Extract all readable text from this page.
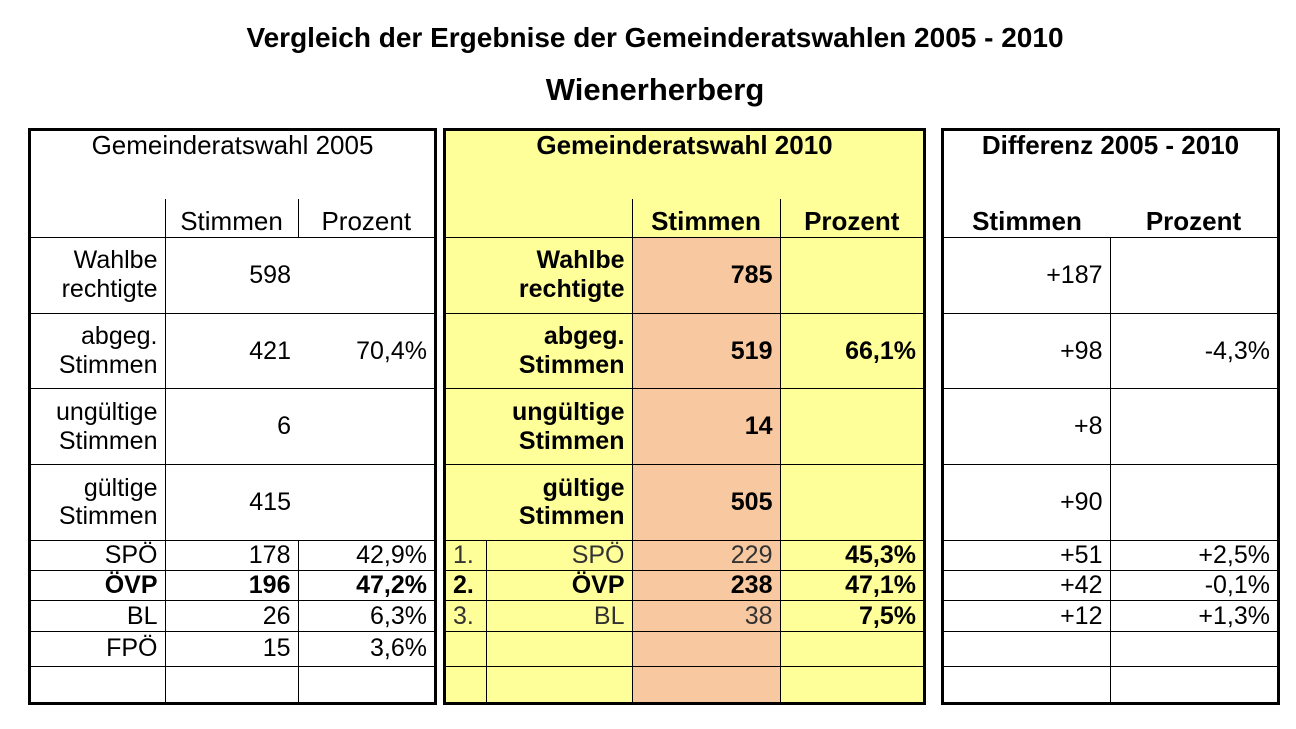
Vergleich der Ergebnise der Gemeinderatswahlen 2005 - 2010
Wienerherberg
Gemeinderatswahl 2005		
	Stimmen	Prozent
Wahlbe
rechtigte	598	
abgeg.
Stimmen	421	70,4%
ungültige
Stimmen	6	
gültige
Stimmen	415	
SPÖ	178	42,9%
ÖVP	196	47,2%
BL	26	6,3%
FPÖ	15	3,6%

Gemeinderatswahl 2010			
		Stimmen	Prozent
Wahlbe
rechtigte		785	
abgeg.
Stimmen		519	66,1%
ungültige
Stimmen		14	
gültige
Stimmen		505	
1.	SPÖ	229	45,3%
2.	ÖVP	238	47,1%
3.	BL	38	7,5%

Differenz 2005 - 2010	
Stimmen	Prozent
+187	
+98	-4,3%
+8	
+90	
+51	+2,5%
+42	-0,1%
+12	+1,3%
